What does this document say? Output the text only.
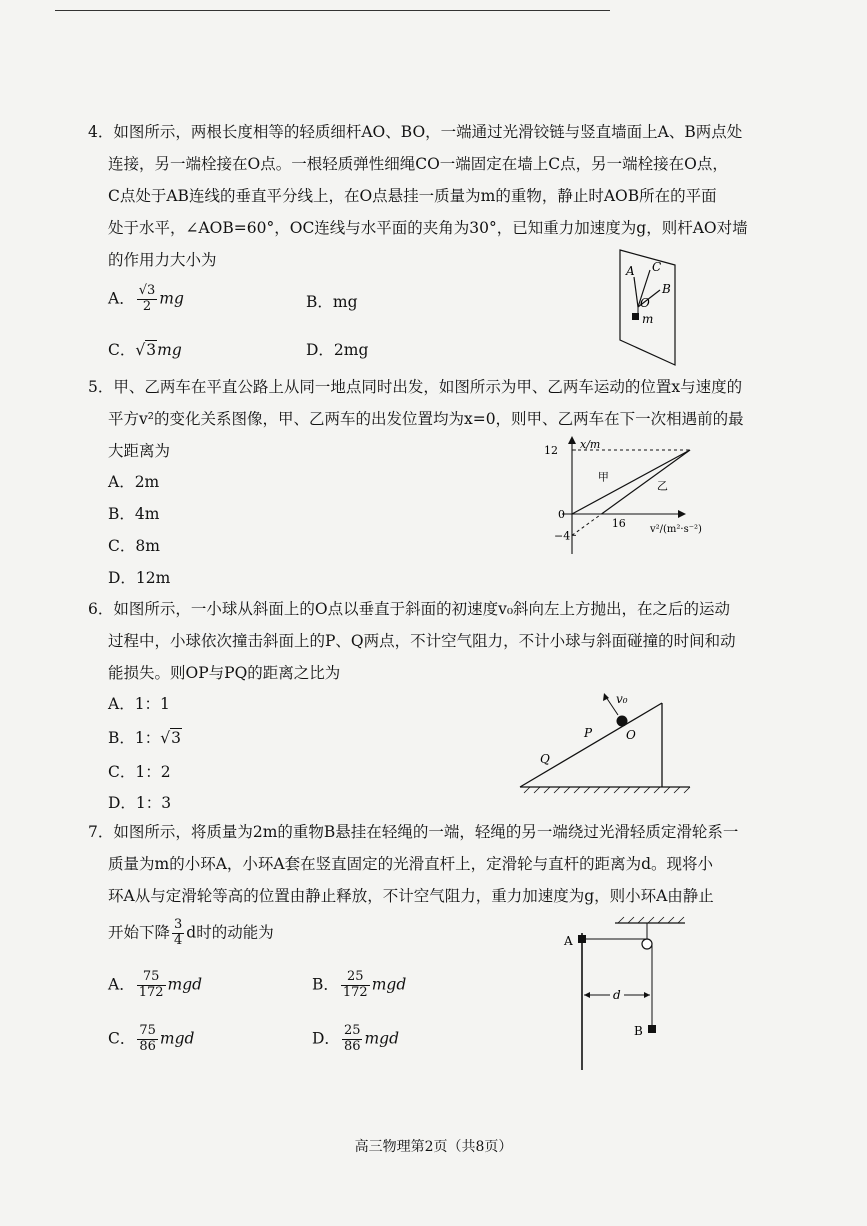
4．如图所示，两根长度相等的轻质细杆AO、BO，一端通过光滑铰链与竖直墙面上A、B两点处
连接，另一端栓接在O点。一根轻质弹性细绳CO一端固定在墙上C点，另一端栓接在O点，
C点处于AB连线的垂直平分线上，在O点悬挂一质量为m的重物，静止时AOB所在的平面
处于水平，∠AOB=60°，OC连线与水平面的夹角为30°，已知重力加速度为g，则杆AO对墙
的作用力大小为
A． $\frac{√3}{2}$ mg	B．mg
C．√3mg	D．2mg
A C
B
O
m
5．甲、乙两车在平直公路上从同一地点同时出发，如图所示为甲、乙两车运动的位置x与速度的
平方v²的变化关系图像，甲、乙两车的出发位置均为x=0，则甲、乙两车在下一次相遇前的最
大距离为
A．2m
B．4m
C．8m
D．12m
x/m
v²/(m²·s⁻²)
甲
乙
12
0
−4
16
6．如图所示，一小球从斜面上的O点以垂直于斜面的初速度v₀斜向左上方抛出，在之后的运动
过程中，小球依次撞击斜面上的P、Q两点，不计空气阻力，不计小球与斜面碰撞的时间和动
能损失。则OP与PQ的距离之比为
A．1：1
B．1：√3
C．1：2
D．1：3
v₀
P	O
Q
7．如图所示，将质量为2m的重物B悬挂在轻绳的一端，轻绳的另一端绕过光滑轻质定滑轮系一
质量为m的小环A，小环A套在竖直固定的光滑直杆上，定滑轮与直杆的距离为d。现将小
环A从与定滑轮等高的位置由静止释放，不计空气阻力，重力加速度为g，则小环A由静止
开始下降 $\frac{3}{4}$ d时的动能为
A． $\frac{75}{172}$ mgd	B． $\frac{25}{172}$ mgd
C． $\frac{75}{86}$ mgd	D． $\frac{25}{86}$ mgd
d
A
B
高三物理第2页（共8页）
